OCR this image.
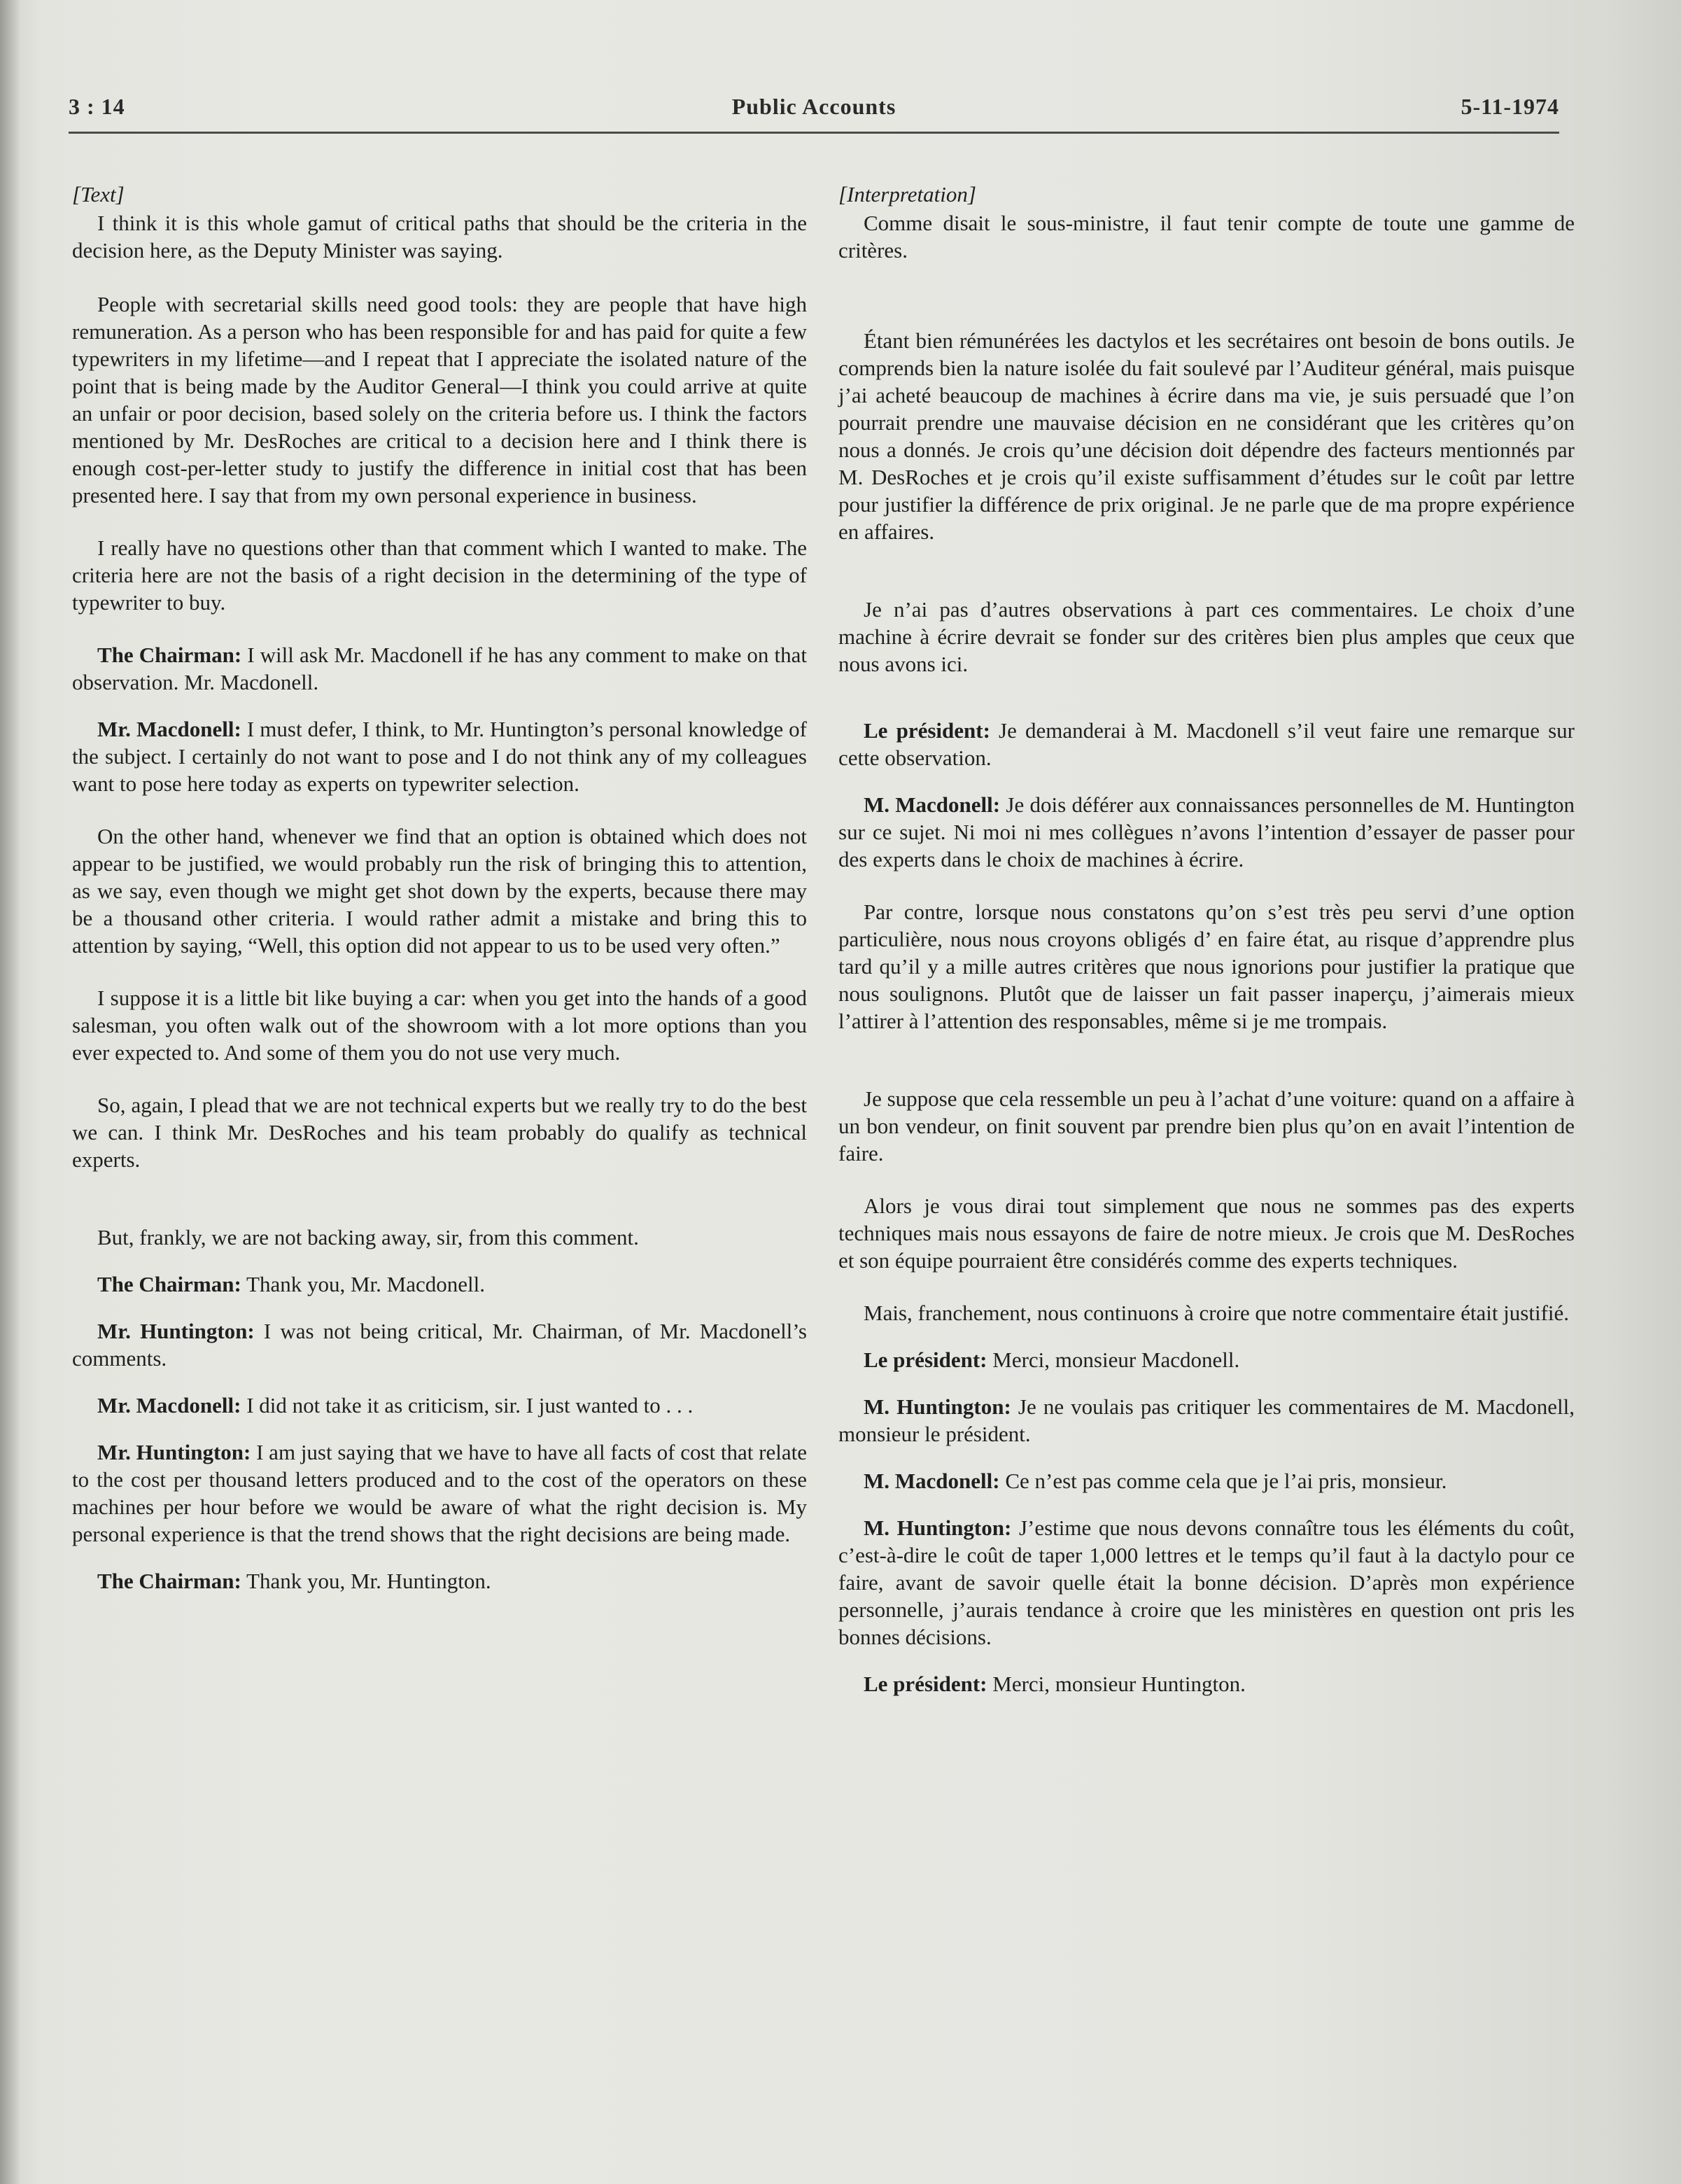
3 : 14	Public Accounts	5-11-1974
[Text]

I think it is this whole gamut of critical paths that should be the criteria in the decision here, as the Deputy Minister was saying.

People with secretarial skills need good tools: they are people that have high remuneration. As a person who has been responsible for and has paid for quite a few typewriters in my lifetime—and I repeat that I appreciate the isolated nature of the point that is being made by the Auditor General—I think you could arrive at quite an unfair or poor decision, based solely on the criteria before us. I think the factors mentioned by Mr. DesRoches are critical to a decision here and I think there is enough cost-per-letter study to justify the difference in initial cost that has been presented here. I say that from my own personal experience in business.

I really have no questions other than that comment which I wanted to make. The criteria here are not the basis of a right decision in the determining of the type of typewriter to buy.

The Chairman: I will ask Mr. Macdonell if he has any comment to make on that observation. Mr. Macdonell.

Mr. Macdonell: I must defer, I think, to Mr. Huntington’s personal knowledge of the subject. I certainly do not want to pose and I do not think any of my colleagues want to pose here today as experts on typewriter selection.

On the other hand, whenever we find that an option is obtained which does not appear to be justified, we would probably run the risk of bringing this to attention, as we say, even though we might get shot down by the experts, because there may be a thousand other criteria. I would rather admit a mistake and bring this to attention by saying, “Well, this option did not appear to us to be used very often.”

I suppose it is a little bit like buying a car: when you get into the hands of a good salesman, you often walk out of the showroom with a lot more options than you ever expected to. And some of them you do not use very much.

So, again, I plead that we are not technical experts but we really try to do the best we can. I think Mr. DesRoches and his team probably do qualify as technical experts.

But, frankly, we are not backing away, sir, from this comment.

The Chairman: Thank you, Mr. Macdonell.

Mr. Huntington: I was not being critical, Mr. Chairman, of Mr. Macdonell’s comments.

Mr. Macdonell: I did not take it as criticism, sir. I just wanted to . . .

Mr. Huntington: I am just saying that we have to have all facts of cost that relate to the cost per thousand letters produced and to the cost of the operators on these machines per hour before we would be aware of what the right decision is. My personal experience is that the trend shows that the right decisions are being made.

The Chairman: Thank you, Mr. Huntington.

[Interpretation]

Comme disait le sous-ministre, il faut tenir compte de toute une gamme de critères.

Étant bien rémunérées les dactylos et les secrétaires ont besoin de bons outils. Je comprends bien la nature isolée du fait soulevé par l’Auditeur général, mais puisque j’ai acheté beaucoup de machines à écrire dans ma vie, je suis persuadé que l’on pourrait prendre une mauvaise décision en ne considérant que les critères qu’on nous a donnés. Je crois qu’une décision doit dépendre des facteurs mentionnés par M. DesRoches et je crois qu’il existe suffisamment d’études sur le coût par lettre pour justifier la différence de prix original. Je ne parle que de ma propre expérience en affaires.

Je n’ai pas d’autres observations à part ces commentaires. Le choix d’une machine à écrire devrait se fonder sur des critères bien plus amples que ceux que nous avons ici.

Le président: Je demanderai à M. Macdonell s’il veut faire une remarque sur cette observation.

M. Macdonell: Je dois déférer aux connaissances personnelles de M. Huntington sur ce sujet. Ni moi ni mes collègues n’avons l’intention d’essayer de passer pour des experts dans le choix de machines à écrire.

Par contre, lorsque nous constatons qu’on s’est très peu servi d’une option particulière, nous nous croyons obligés d’ en faire état, au risque d’apprendre plus tard qu’il y a mille autres critères que nous ignorions pour justifier la pratique que nous soulignons. Plutôt que de laisser un fait passer inaperçu, j’aimerais mieux l’attirer à l’attention des responsables, même si je me trompais.

Je suppose que cela ressemble un peu à l’achat d’une voiture: quand on a affaire à un bon vendeur, on finit souvent par prendre bien plus qu’on en avait l’intention de faire.

Alors je vous dirai tout simplement que nous ne sommes pas des experts techniques mais nous essayons de faire de notre mieux. Je crois que M. DesRoches et son équipe pourraient être considérés comme des experts techniques.

Mais, franchement, nous continuons à croire que notre commentaire était justifié.

Le président: Merci, monsieur Macdonell.

M. Huntington: Je ne voulais pas critiquer les commentaires de M. Macdonell, monsieur le président.

M. Macdonell: Ce n’est pas comme cela que je l’ai pris, monsieur.

M. Huntington: J’estime que nous devons connaître tous les éléments du coût, c’est-à-dire le coût de taper 1,000 lettres et le temps qu’il faut à la dactylo pour ce faire, avant de savoir quelle était la bonne décision. D’après mon expérience personnelle, j’aurais tendance à croire que les ministères en question ont pris les bonnes décisions.

Le président: Merci, monsieur Huntington.
